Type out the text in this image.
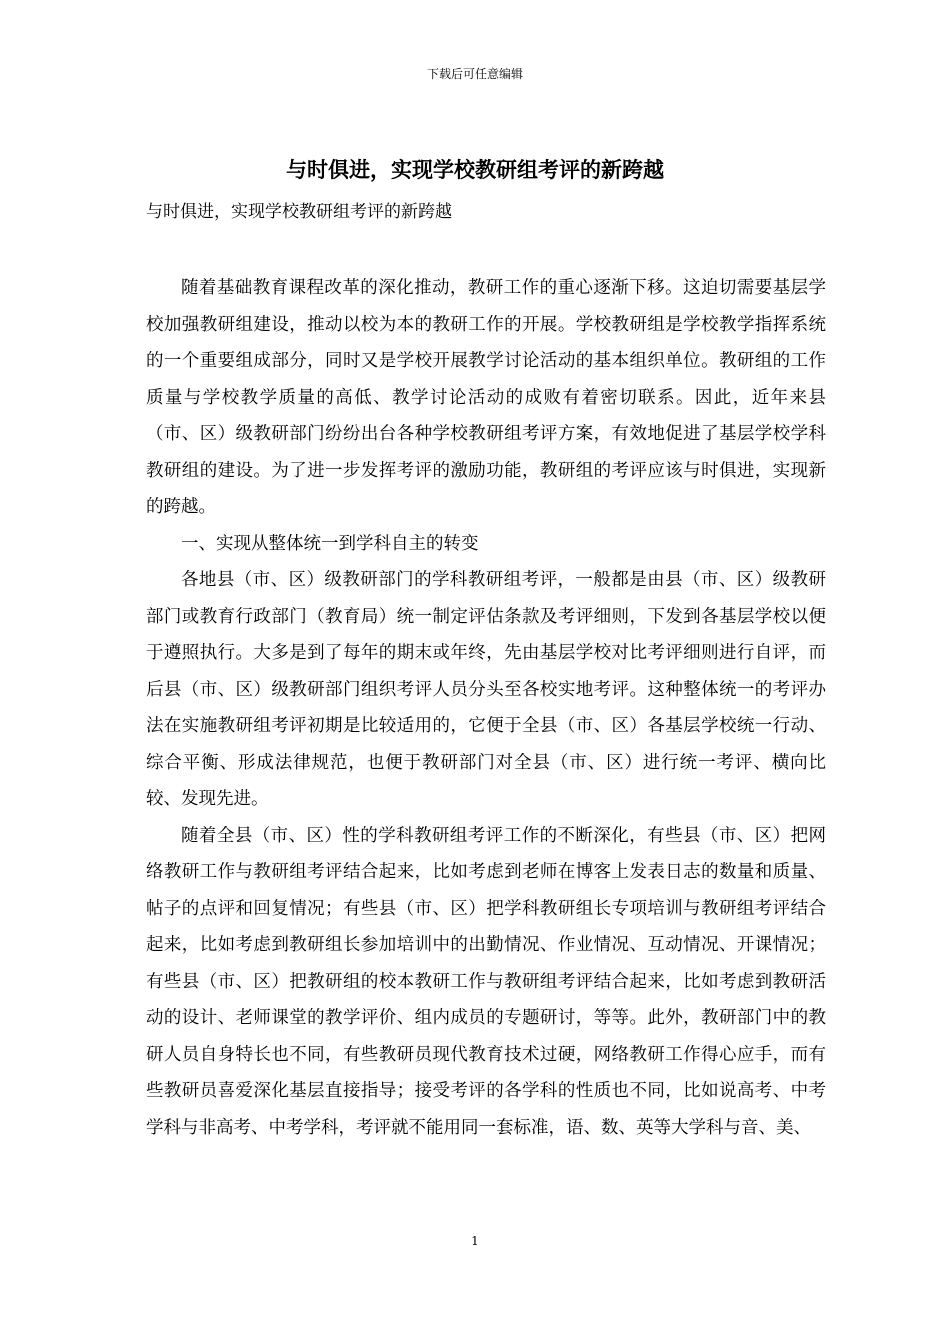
下载后可任意编辑
与时俱进，实现学校教研组考评的新跨越
与时俱进，实现学校教研组考评的新跨越

随着基础教育课程改革的深化推动，教研工作的重心逐渐下移。这迫切需要基层学校加强教研组建设，推动以校为本的教研工作的开展。学校教研组是学校教学指挥系统的一个重要组成部分，同时又是学校开展教学讨论活动的基本组织单位。教研组的工作质量与学校教学质量的高低、教学讨论活动的成败有着密切联系。因此，近年来县（市、区）级教研部门纷纷出台各种学校教研组考评方案，有效地促进了基层学校学科教研组的建设。为了进一步发挥考评的激励功能，教研组的考评应该与时俱进，实现新的跨越。

一、实现从整体统一到学科自主的转变

各地县（市、区）级教研部门的学科教研组考评，一般都是由县（市、区）级教研部门或教育行政部门（教育局）统一制定评估条款及考评细则，下发到各基层学校以便于遵照执行。大多是到了每年的期末或年终，先由基层学校对比考评细则进行自评，而后县（市、区）级教研部门组织考评人员分头至各校实地考评。这种整体统一的考评办法在实施教研组考评初期是比较适用的，它便于全县（市、区）各基层学校统一行动、综合平衡、形成法律规范，也便于教研部门对全县（市、区）进行统一考评、横向比较、发现先进。

随着全县（市、区）性的学科教研组考评工作的不断深化，有些县（市、区）把网络教研工作与教研组考评结合起来，比如考虑到老师在博客上发表日志的数量和质量、帖子的点评和回复情况；有些县（市、区）把学科教研组长专项培训与教研组考评结合起来，比如考虑到教研组长参加培训中的出勤情况、作业情况、互动情况、开课情况；有些县（市、区）把教研组的校本教研工作与教研组考评结合起来，比如考虑到教研活动的设计、老师课堂的教学评价、组内成员的专题研讨，等等。此外，教研部门中的教研人员自身特长也不同，有些教研员现代教育技术过硬，网络教研工作得心应手，而有些教研员喜爱深化基层直接指导；接受考评的各学科的性质也不同，比如说高考、中考学科与非高考、中考学科，考评就不能用同一套标准，语、数、英等大学科与音、美、

1
